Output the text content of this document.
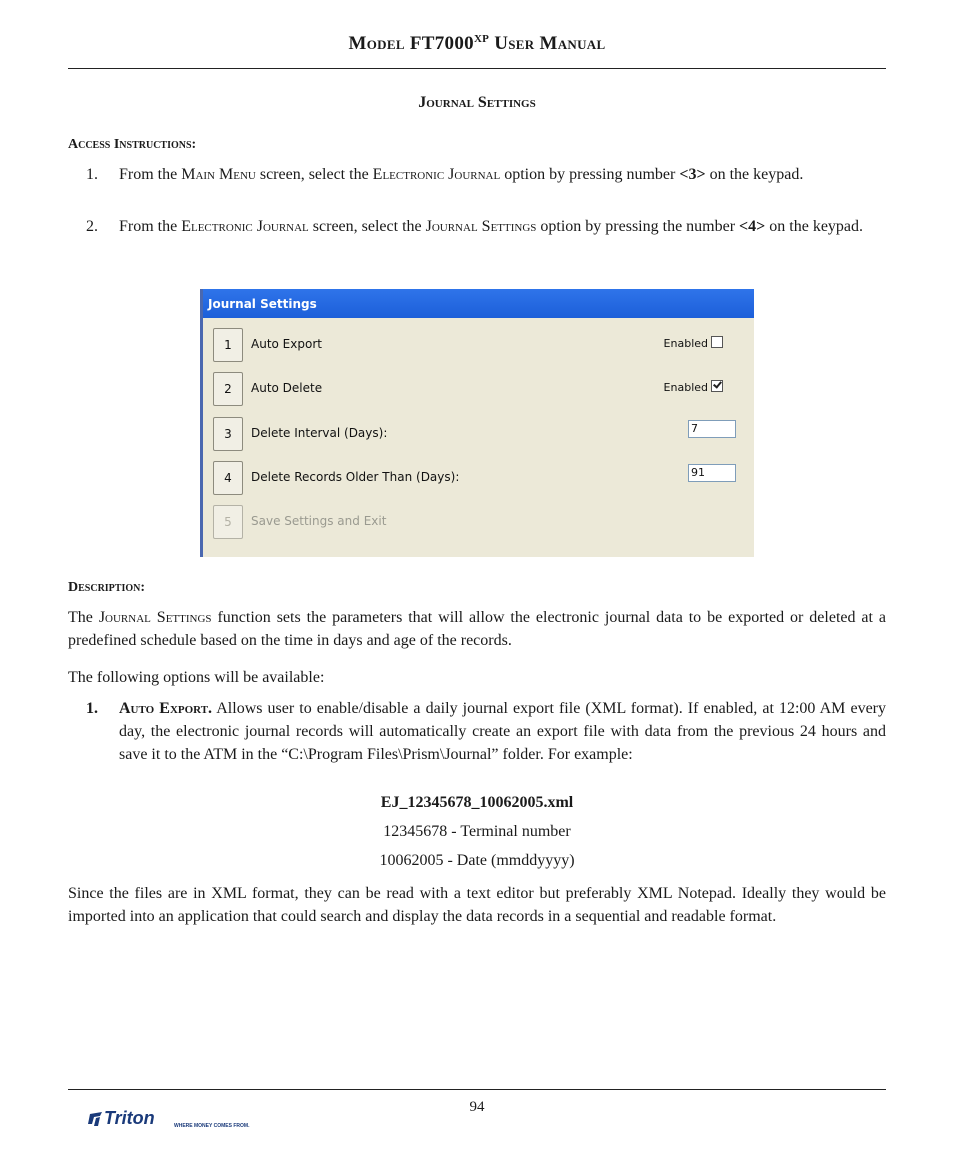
Model $FT7000^{XP}$ User Manual
Journal Settings
Access Instructions:
1. From the Main Menu screen, select the Electronic Journal option by pressing number <3> on the keypad.
2. From the Electronic Journal screen, select the Journal Settings option by pressing the number <4> on the keypad.
Journal Settings
1	Auto Export	Enabled
2	Auto Delete	Enabled
3	Delete Interval (Days):	7
4	Delete Records Older Than (Days):	91
5	Save Settings and Exit
Description:
The Journal Settings function sets the parameters that will allow the electronic journal data to be exported or deleted at a predefined schedule based on the time in days and age of the records.
The following options will be available:
1. Auto Export. Allows user to enable/disable a daily journal export file (XML format). If enabled, at 12:00 AM every day, the electronic journal records will automatically create an export file with data from the previous 24 hours and save it to the ATM in the “C:\Program Files\Prism\Journal” folder. For example:
EJ_12345678_10062005.xml
12345678 - Terminal number
10062005 - Date (mmddyyyy)
Since the files are in XML format, they can be read with a text editor but preferably XML Notepad. Ideally they would be imported into an application that could search and display the data records in a sequential and readable format.
94
Triton	WHERE MONEY COMES FROM.
